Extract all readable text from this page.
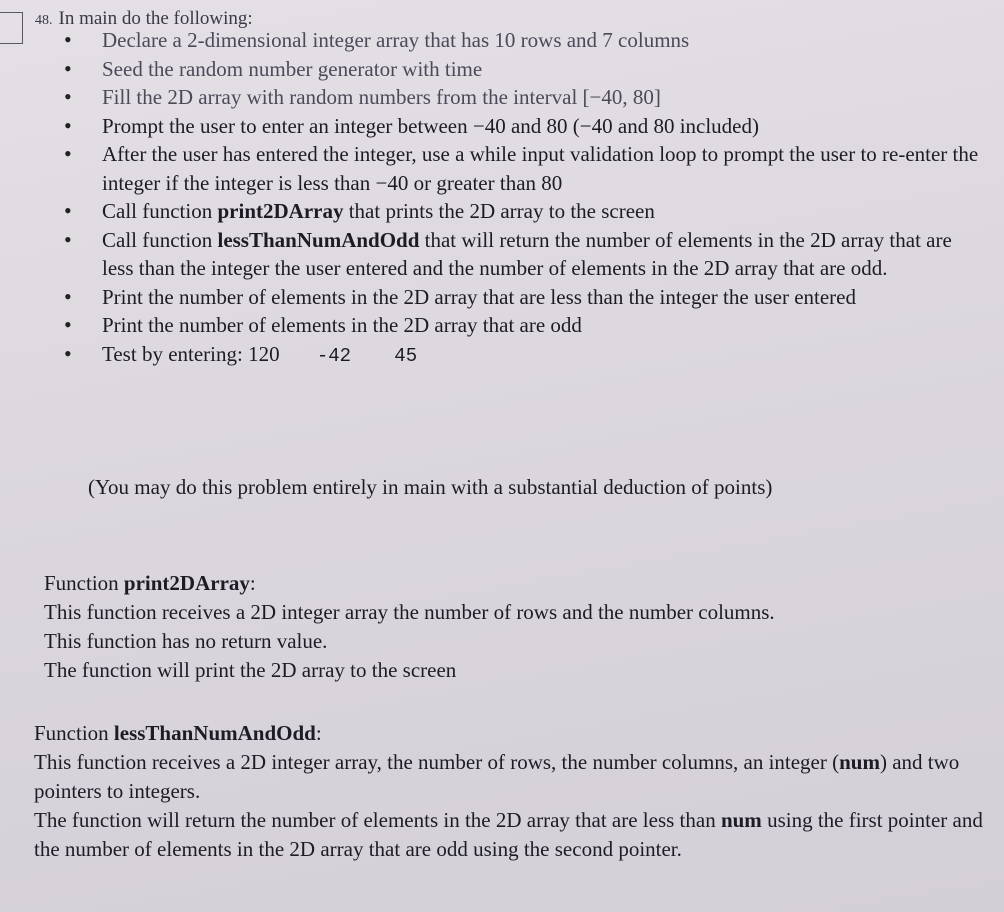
48. In main do the following:
• Declare a 2-dimensional integer array that has 10 rows and 7 columns
• Seed the random number generator with time
• Fill the 2D array with random numbers from the interval [−40, 80]
• Prompt the user to enter an integer between −40 and 80 (−40 and 80 included)
• After the user has entered the integer, use a while input validation loop to prompt the user to re-enter the integer if the integer is less than −40 or greater than 80
• Call function print2DArray that prints the 2D array to the screen
• Call function lessThanNumAndOdd that will return the number of elements in the 2D array that are less than the integer the user entered and the number of elements in the 2D array that are odd.
• Print the number of elements in the 2D array that are less than the integer the user entered
• Print the number of elements in the 2D array that are odd
• Test by entering: 120 -42 45
(You may do this problem entirely in main with a substantial deduction of points)

Function print2DArray:

This function receives a 2D integer array the number of rows and the number columns.

This function has no return value.

The function will print the 2D array to the screen

Function lessThanNumAndOdd:

This function receives a 2D integer array, the number of rows, the number columns, an integer (num) and two pointers to integers.

The function will return the number of elements in the 2D array that are less than num using the first pointer and the number of elements in the 2D array that are odd using the second pointer.
